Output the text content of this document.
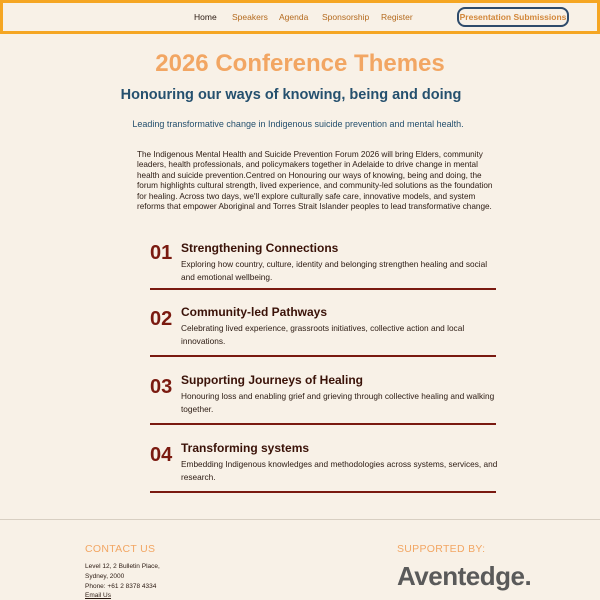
Home Speakers Agenda Sponsorship Register	Presentation Submissions
2026 Conference Themes
Honouring our ways of knowing, being and doing

Leading transformative change in Indigenous suicide prevention and mental health.

The Indigenous Mental Health and Suicide Prevention Forum 2026 will bring Elders, community leaders, health professionals, and policymakers together in Adelaide to drive change in mental health and suicide prevention.Centred on Honouring our ways of knowing, being and doing, the forum highlights cultural strength, lived experience, and community-led solutions as the foundation for healing. Across two days, we'll explore culturally safe care, innovative models, and system reforms that empower Aboriginal and Torres Strait Islander peoples to lead transformative change.

01 Strengthening Connections
Exploring how country, culture, identity and belonging strengthen healing and social and emotional wellbeing.
02 Community-led Pathways
Celebrating lived experience, grassroots initiatives, collective action and local innovations.
03 Supporting Journeys of Healing
Honouring loss and enabling grief and grieving through collective healing and walking together.
04 Transforming systems
Embedding Indigenous knowledges and methodologies across systems, services, and research.
CONTACT US
Level 12, 2 Bulletin Place,
Sydney, 2000
Phone: +61 2 8378 4334
Email Us
SUPPORTED BY:
Aventedge.
